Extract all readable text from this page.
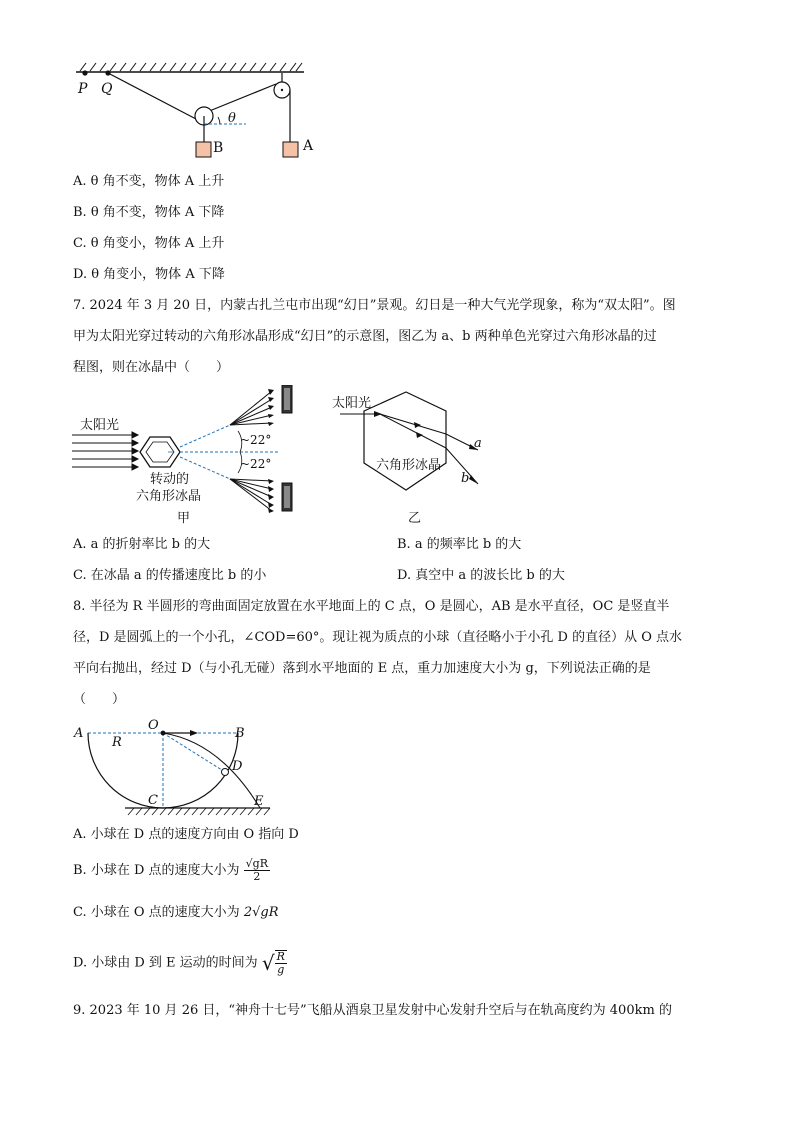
P Q
θ
B	A
A. θ 角不变，物体 A 上升
B. θ 角不变，物体 A 下降
C. θ 角变小，物体 A 上升
D. θ 角变小，物体 A 下降
7. 2024 年 3 月 20 日，内蒙古扎兰屯市出现“幻日”景观。幻日是一种大气光学现象，称为“双太阳”。图
甲为太阳光穿过转动的六角形冰晶形成“幻日”的示意图，图乙为 a、b 两种单色光穿过六角形冰晶的过
程图，则在冰晶中（　　）
太阳光
~22°
~22°
转动的
六角形冰晶
甲
太阳光
六角形冰晶
a
b
乙
A. a 的折射率比 b 的大	B. a 的频率比 b 的大
C. 在冰晶 a 的传播速度比 b 的小	D. 真空中 a 的波长比 b 的大
8. 半径为 R 半圆形的弯曲面固定放置在水平地面上的 C 点，O 是圆心，AB 是水平直径，OC 是竖直半
径，D 是圆弧上的一个小孔，∠COD=60°。现让视为质点的小球（直径略小于小孔 D 的直径）从 O 点水
平向右抛出，经过 D（与小孔无碰）落到水平地面的 E 点，重力加速度大小为 g，下列说法正确的是
（　　）
A
O
B
R
D
C	E
A. 小球在 D 点的速度方向由 O 指向 D
B. 小球在 D 点的速度大小为 $\frac{√gR}{2}$
C. 小球在 O 点的速度大小为 2√gR
D. 小球由 D 到 E 运动的时间为 √ $\frac{R}{g}$
9. 2023 年 10 月 26 日，“神舟十七号”飞船从酒泉卫星发射中心发射升空后与在轨高度约为 400km 的
